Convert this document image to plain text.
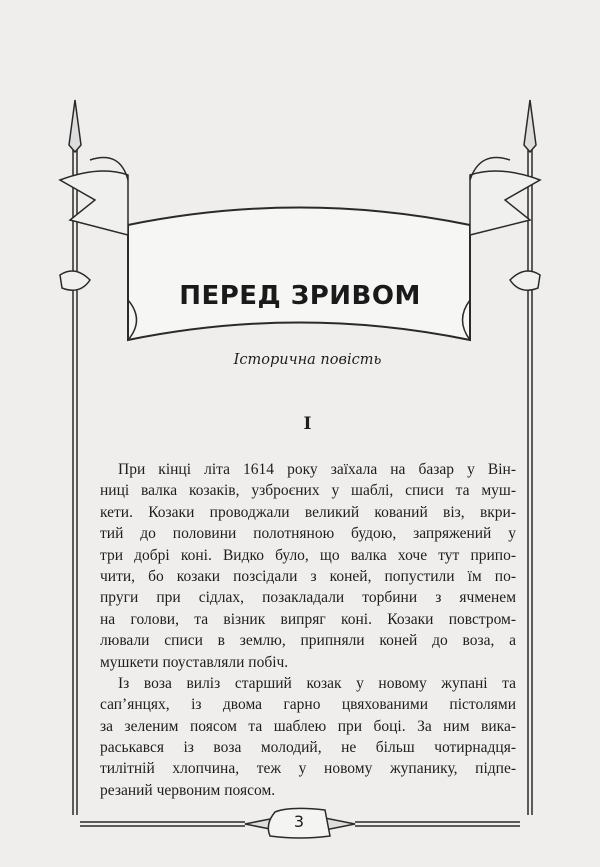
ПЕРЕД ЗРИВОМ
Історична повість
I
При кінці літа 1614 року заїхала на базар у Він-
ниці валка козаків, узброєних у шаблі, списи та муш-
кети. Козаки проводжали великий кований віз, вкри-
тий до половини полотняною будою, запряжений у
три добрі коні. Видко було, що валка хоче тут припо-
чити, бо козаки позсідали з коней, попустили їм по-
пруги при сідлах, позакладали торбини з ячменем
на голови, та візник випряг коні. Козаки повстром-
лювали списи в землю, припняли коней до воза, а
мушкети поуставляли побіч.
Із воза виліз старший козак у новому жупані та
сап’янцях, із двома гарно цвяхованими пістолями
за зеленим поясом та шаблею при боці. За ним вика-
раськався із воза молодий, не більш чотирнадця-
тилітній хлопчина, теж у новому жупанику, підпе-
резаний червоним поясом.
3
